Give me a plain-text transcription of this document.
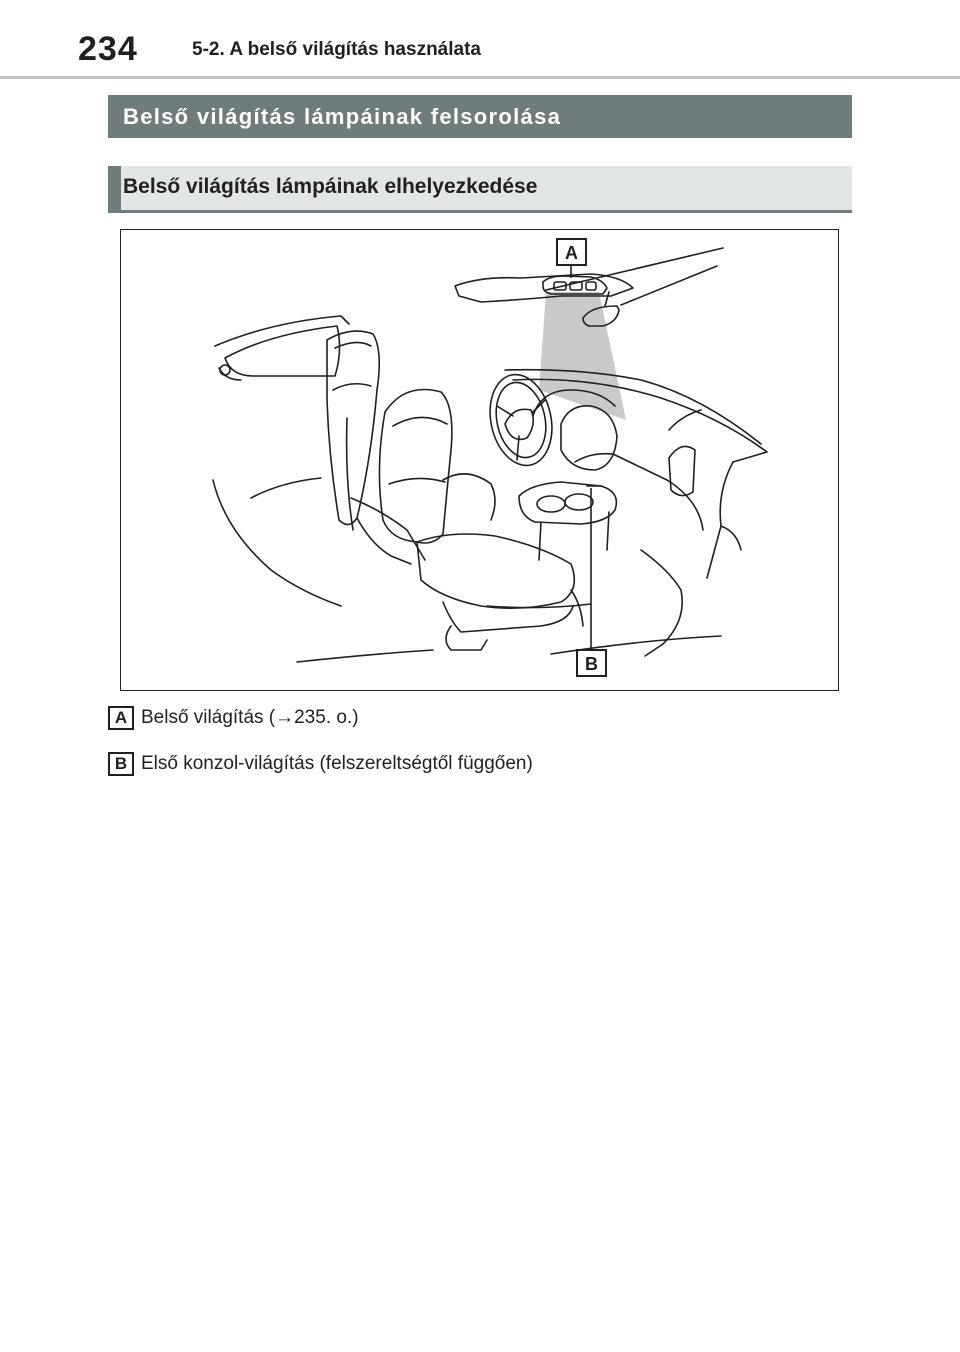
234	5-2. A belső világítás használata
Belső világítás lámpáinak felsorolása
Belső világítás lámpáinak elhelyezkedése
A
B
A Belső világítás (→235. o.)
B Első konzol-világítás (felszereltségtől függően)
